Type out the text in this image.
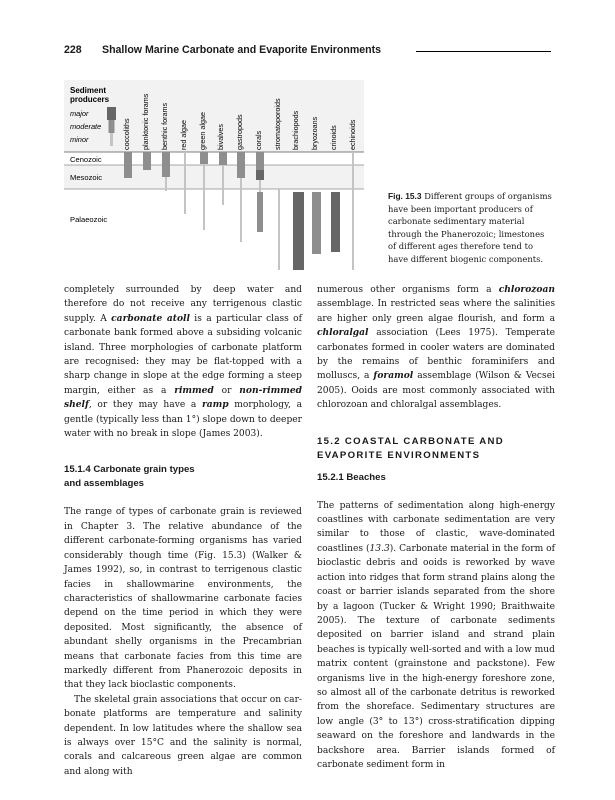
228 Shallow Marine Carbonate and Evaporite Environments
Sediment
producers
major
moderate
minor
Cenozoic
Mesozoic
Palaeozoic
coccoliths planktonic forams benthic forams red algae green algae bivalves gastropods corals stromatoporoids brachiopods bryozoans crinoids echinoids
Fig. 15.3 Different groups of organisms have been important producers of carbonate sedimentary material through the Phanerozoic; limestones of different ages therefore tend to have different biogenic components.

completely surrounded by deep water and therefore do not receive any terrigenous clastic supply. A carbonate atoll is a particular class of carbonate bank formed above a subsiding volcanic island. Three morphologies of carbonate platform are recognised: they may be flat-topped with a sharp change in slope at the edge forming a steep margin, either as a rimmed or non-rimmed shelf, or they may have a ramp morphology, a gentle (typically less than 1°) slope down to deeper water with no break in slope (James 2003).

15.1.4 Carbonate grain types

and assemblages

The range of types of carbonate grain is reviewed in Chapter 3. The relative abundance of the different carbonate-forming organisms has varied considerably though time (Fig. 15.3) (Walker & James 1992), so, in contrast to terrigenous clastic facies in shallowmarine environments, the characteristics of shallowmarine carbonate facies depend on the time period in which they were deposited. Most significantly, the absence of abundant shelly organisms in the Precambrian means that carbonate facies from this time are markedly different from Phanerozoic deposits in that they lack bioclastic components.

The skeletal grain associations that occur on carbonate platforms are temperature and salinity dependent. In low latitudes where the shallow sea is always over 15°C and the salinity is normal, corals and calcareous green algae are common and along with

numerous other organisms form a chlorozoan assemblage. In restricted seas where the salinities are higher only green algae flourish, and form a chloralgal association (Lees 1975). Temperate carbonates formed in cooler waters are dominated by the remains of benthic foraminifers and molluscs, a foramol assemblage (Wilson & Vecsei 2005). Ooids are most commonly associated with chlorozoan and chloralgal assemblages.

15.2 COASTAL CARBONATE AND

EVAPORITE ENVIRONMENTS

15.2.1 Beaches

The patterns of sedimentation along high-energy coastlines with carbonate sedimentation are very similar to those of clastic, wave-dominated coastlines (13.3). Carbonate material in the form of bioclastic debris and ooids is reworked by wave action into ridges that form strand plains along the coast or barrier islands separated from the shore by a lagoon (Tucker & Wright 1990; Braithwaite 2005). The texture of carbonate sediments deposited on barrier island and strand plain beaches is typically well-sorted and with a low mud matrix content (grainstone and packstone). Few organisms live in the high-energy foreshore zone, so almost all of the carbonate detritus is reworked from the shoreface. Sedimentary structures are low angle (3° to 13°) cross-stratification dipping seaward on the foreshore and landwards in the backshore area. Barrier islands formed of carbonate sediment form in
